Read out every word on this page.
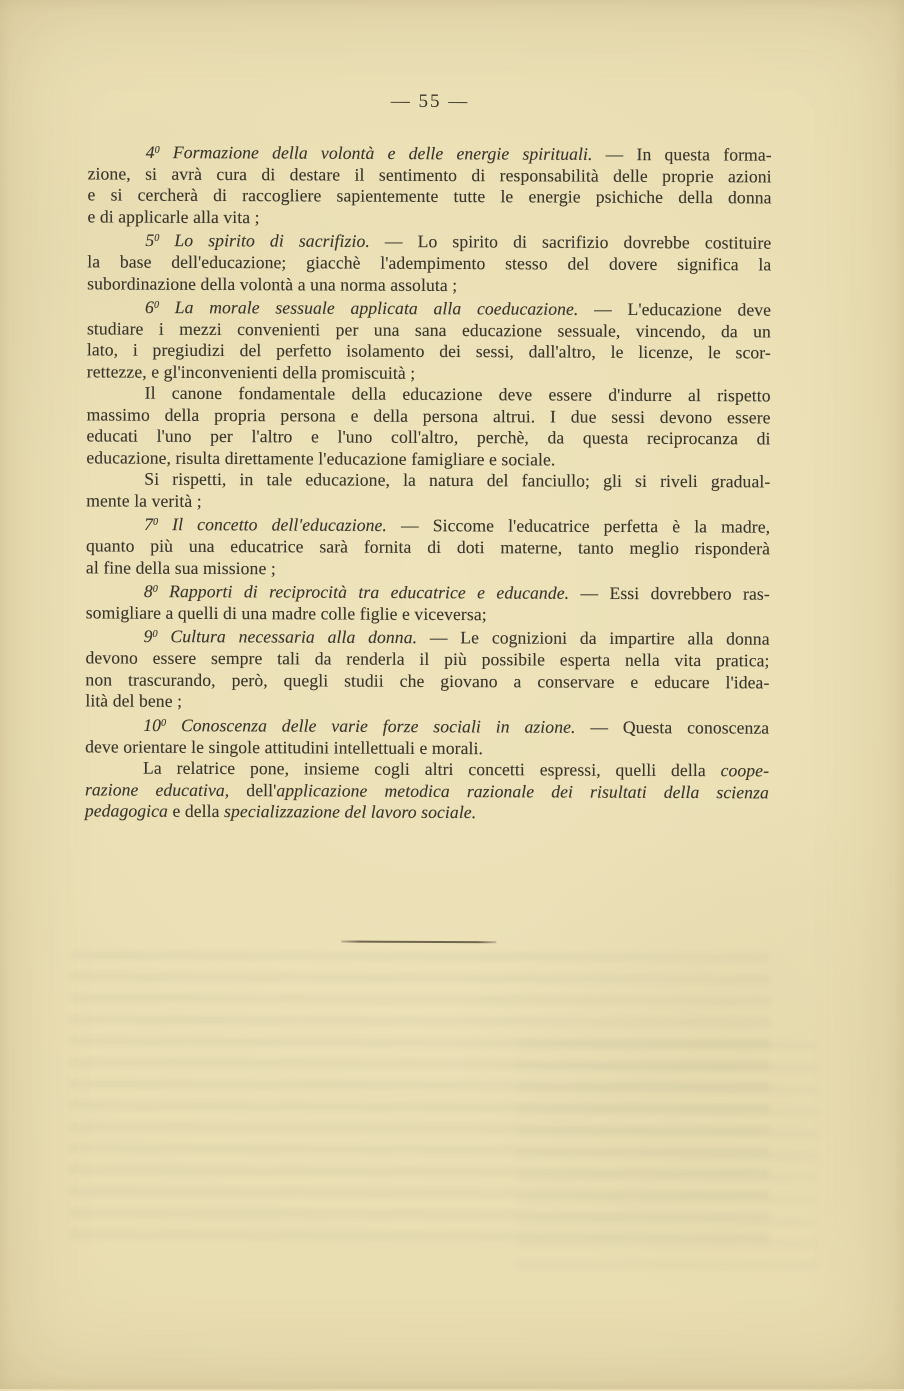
— 55 —
$4^0$ Formazione della volontà e delle energie spirituali. — In questa forma-
zione, si avrà cura di destare il sentimento di responsabilità delle proprie azioni
e si cercherà di raccogliere sapientemente tutte le energie psichiche della donna
e di applicarle alla vita ;
$5^0$ Lo spirito di sacrifizio. — Lo spirito di sacrifizio dovrebbe costituire
la base dell'educazione; giacchè l'adempimento stesso del dovere significa la
subordinazione della volontà a una norma assoluta ;
$6^0$ La morale sessuale applicata alla coeducazione. — L'educazione deve
studiare i mezzi convenienti per una sana educazione sessuale, vincendo, da un
lato, i pregiudizi del perfetto isolamento dei sessi, dall'altro, le licenze, le scor-
rettezze, e gl'inconvenienti della promiscuità ;
Il canone fondamentale della educazione deve essere d'indurre al rispetto
massimo della propria persona e della persona altrui. I due sessi devono essere
educati l'uno per l'altro e l'uno coll'altro, perchè, da questa reciprocanza di
educazione, risulta direttamente l'educazione famigliare e sociale.
Si rispetti, in tale educazione, la natura del fanciullo; gli si riveli gradual-
mente la verità ;
$7^0$ Il concetto dell'educazione. — Siccome l'educatrice perfetta è la madre,
quanto più una educatrice sarà fornita di doti materne, tanto meglio risponderà
al fine della sua missione ;
$8^0$ Rapporti di reciprocità tra educatrice e educande. — Essi dovrebbero ras-
somigliare a quelli di una madre colle figlie e viceversa;
$9^0$ Cultura necessaria alla donna. — Le cognizioni da impartire alla donna
devono essere sempre tali da renderla il più possibile esperta nella vita pratica;
non trascurando, però, quegli studii che giovano a conservare e educare l'idea-
lità del bene ;
$10^0$ Conoscenza delle varie forze sociali in azione. — Questa conoscenza
deve orientare le singole attitudini intellettuali e morali.
La relatrice pone, insieme cogli altri concetti espressi, quelli della coope-
razione educativa, dell'applicazione metodica razionale dei risultati della scienza
pedagogica e della specializzazione del lavoro sociale.
